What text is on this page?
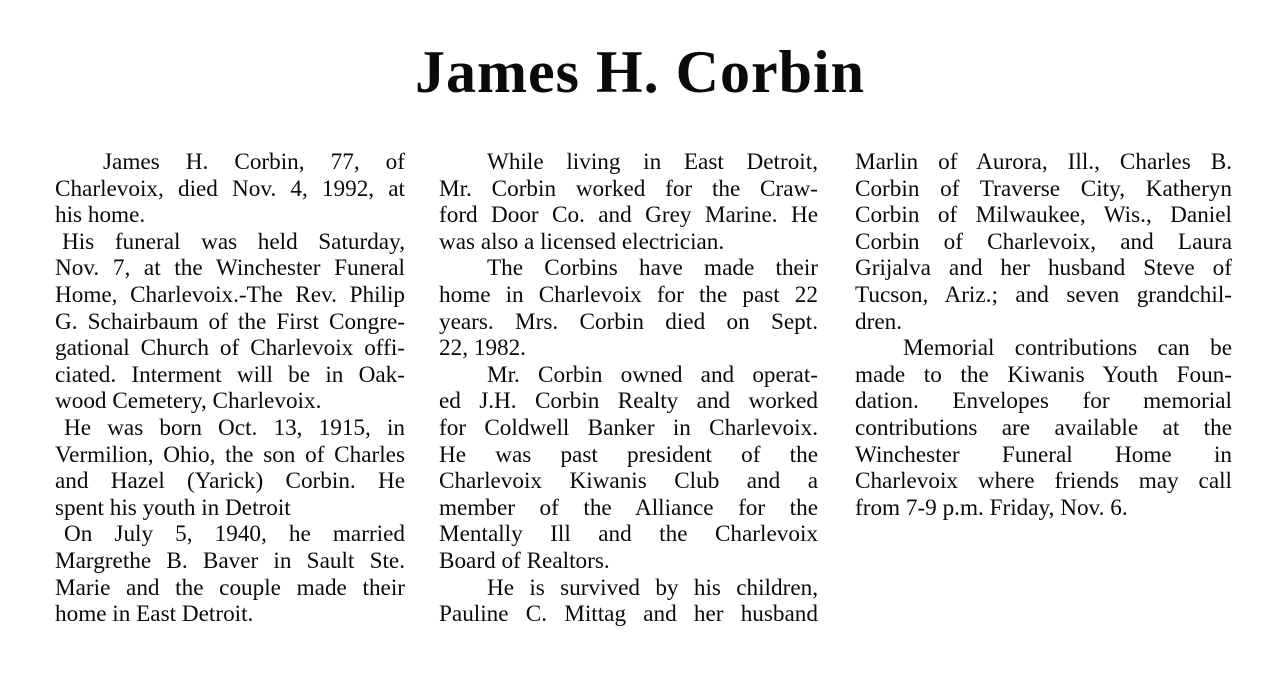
James H. Corbin
James H. Corbin, 77, of
Charlevoix, died Nov. 4, 1992, at
his home.
His funeral was held Saturday,
Nov. 7, at the Winchester Funeral
Home, Charlevoix.-The Rev. Philip
G. Schairbaum of the First Congre-
gational Church of Charlevoix offi-
ciated. Interment will be in Oak-
wood Cemetery, Charlevoix.
He was born Oct. 13, 1915, in
Vermilion, Ohio, the son of Charles
and Hazel (Yarick) Corbin. He
spent his youth in Detroit
On July 5, 1940, he married
Margrethe B. Baver in Sault Ste.
Marie and the couple made their
home in East Detroit.
While living in East Detroit,
Mr. Corbin worked for the Craw-
ford Door Co. and Grey Marine. He
was also a licensed electrician.
The Corbins have made their
home in Charlevoix for the past 22
years. Mrs. Corbin died on Sept.
22, 1982.
Mr. Corbin owned and operat-
ed J.H. Corbin Realty and worked
for Coldwell Banker in Charlevoix.
He was past president of the
Charlevoix Kiwanis Club and a
member of the Alliance for the
Mentally Ill and the Charlevoix
Board of Realtors.
He is survived by his children,
Pauline C. Mittag and her husband
Marlin of Aurora, Ill., Charles B.
Corbin of Traverse City, Katheryn
Corbin of Milwaukee, Wis., Daniel
Corbin of Charlevoix, and Laura
Grijalva and her husband Steve of
Tucson, Ariz.; and seven grandchil-
dren.
Memorial contributions can be
made to the Kiwanis Youth Foun-
dation. Envelopes for memorial
contributions are available at the
Winchester Funeral Home in
Charlevoix where friends may call
from 7-9 p.m. Friday, Nov. 6.
